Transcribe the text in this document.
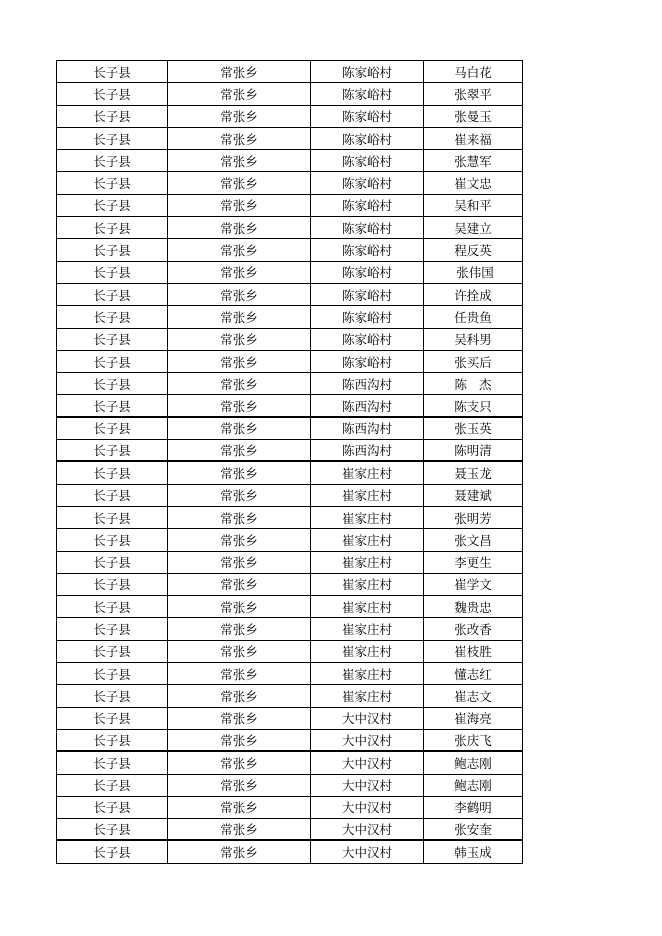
长子县	常张乡	陈家峪村	马白花
长子县	常张乡	陈家峪村	张翠平
长子县	常张乡	陈家峪村	张曼玉
长子县	常张乡	陈家峪村	崔来福
长子县	常张乡	陈家峪村	张慧军
长子县	常张乡	陈家峪村	崔文忠
长子县	常张乡	陈家峪村	吴和平
长子县	常张乡	陈家峪村	吴建立
长子县	常张乡	陈家峪村	程反英
长子县	常张乡	陈家峪村	张伟国
长子县	常张乡	陈家峪村	许拴成
长子县	常张乡	陈家峪村	任贵鱼
长子县	常张乡	陈家峪村	吴科男
长子县	常张乡	陈家峪村	张买后
长子县	常张乡	陈西沟村	陈   杰
长子县	常张乡	陈西沟村	陈支只
长子县	常张乡	陈西沟村	张玉英
长子县	常张乡	陈西沟村	陈明清
长子县	常张乡	崔家庄村	聂玉龙
长子县	常张乡	崔家庄村	聂建斌
长子县	常张乡	崔家庄村	张明芳
长子县	常张乡	崔家庄村	张文昌
长子县	常张乡	崔家庄村	李更生
长子县	常张乡	崔家庄村	崔学文
长子县	常张乡	崔家庄村	魏贵忠
长子县	常张乡	崔家庄村	张改香
长子县	常张乡	崔家庄村	崔枝胜
长子县	常张乡	崔家庄村	懂志红
长子县	常张乡	崔家庄村	崔志文
长子县	常张乡	大中汉村	崔海亮
长子县	常张乡	大中汉村	张庆飞
长子县	常张乡	大中汉村	鲍志刚
长子县	常张乡	大中汉村	鲍志刚
长子县	常张乡	大中汉村	李鹤明
长子县	常张乡	大中汉村	张安奎
长子县	常张乡	大中汉村	韩玉成
